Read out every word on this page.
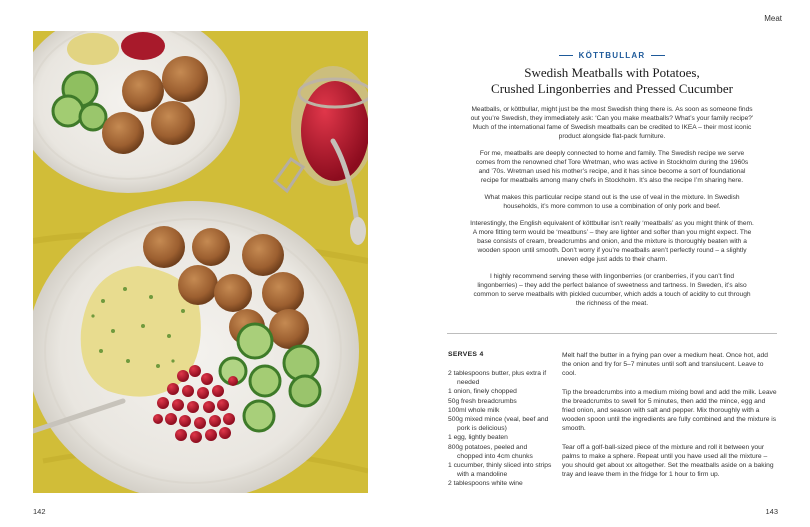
Meat
KÖTTBULLAR
Swedish Meatballs with Potatoes,
Crushed Lingonberries and Pressed Cucumber

Meatballs, or köttbullar, might just be the most Swedish thing there is. As soon as someone finds out you’re Swedish, they immediately ask: ‘Can you make meatballs? What’s your family recipe?’ Much of the international fame of Swedish meatballs can be credited to IKEA – their most iconic product alongside flat-pack furniture.

For me, meatballs are deeply connected to home and family. The Swedish recipe we serve comes from the renowned chef Tore Wretman, who was active in Stockholm during the 1960s and ’70s. Wretman used his mother’s recipe, and it has since become a sort of foundational recipe for meatballs among many chefs in Stockholm. It’s also the recipe I’m sharing here.

What makes this particular recipe stand out is the use of veal in the mixture. In Swedish households, it’s more common to use a combination of only pork and beef.

Interestingly, the English equivalent of köttbullar isn’t really ‘meatballs’ as you might think of them. A more fitting term would be ‘meatbuns’ – they are lighter and softer than you might expect. The base consists of cream, breadcrumbs and onion, and the mixture is thoroughly beaten with a wooden spoon until smooth. Don’t worry if you’re meatballs aren’t perfectly round – a slightly uneven edge just adds to their charm.

I highly recommend serving these with lingonberries (or cranberries, if you can’t find lingonberries) – they add the perfect balance of sweetness and tartness. In Sweden, it’s also common to serve meatballs with pickled cucumber, which adds a touch of acidity to cut through the richness of the meat.

SERVES 4
2 tablespoons butter, plus extra if needed
1 onion, finely chopped
50g fresh breadcrumbs
100ml whole milk
500g mixed mince (veal, beef and pork is delicious)
1 egg, lightly beaten
800g potatoes, peeled and chopped into 4cm chunks
1 cucumber, thinly sliced into strips with a mandoline
2 tablespoons white wine

Melt half the butter in a frying pan over a medium heat. Once hot, add the onion and fry for 5–7 minutes until soft and translucent. Leave to cool.

Tip the breadcrumbs into a medium mixing bowl and add the milk. Leave the breadcrumbs to swell for 5 minutes, then add the mince, egg and fried onion, and season with salt and pepper. Mix thoroughly with a wooden spoon until the ingredients are fully combined and the mixture is smooth.

Tear off a golf-ball-sized piece of the mixture and roll it between your palms to make a sphere. Repeat until you have used all the mixture – you should get about xx altogether. Set the meatballs aside on a baking tray and leave them in the fridge for 1 hour to firm up.

142	143
